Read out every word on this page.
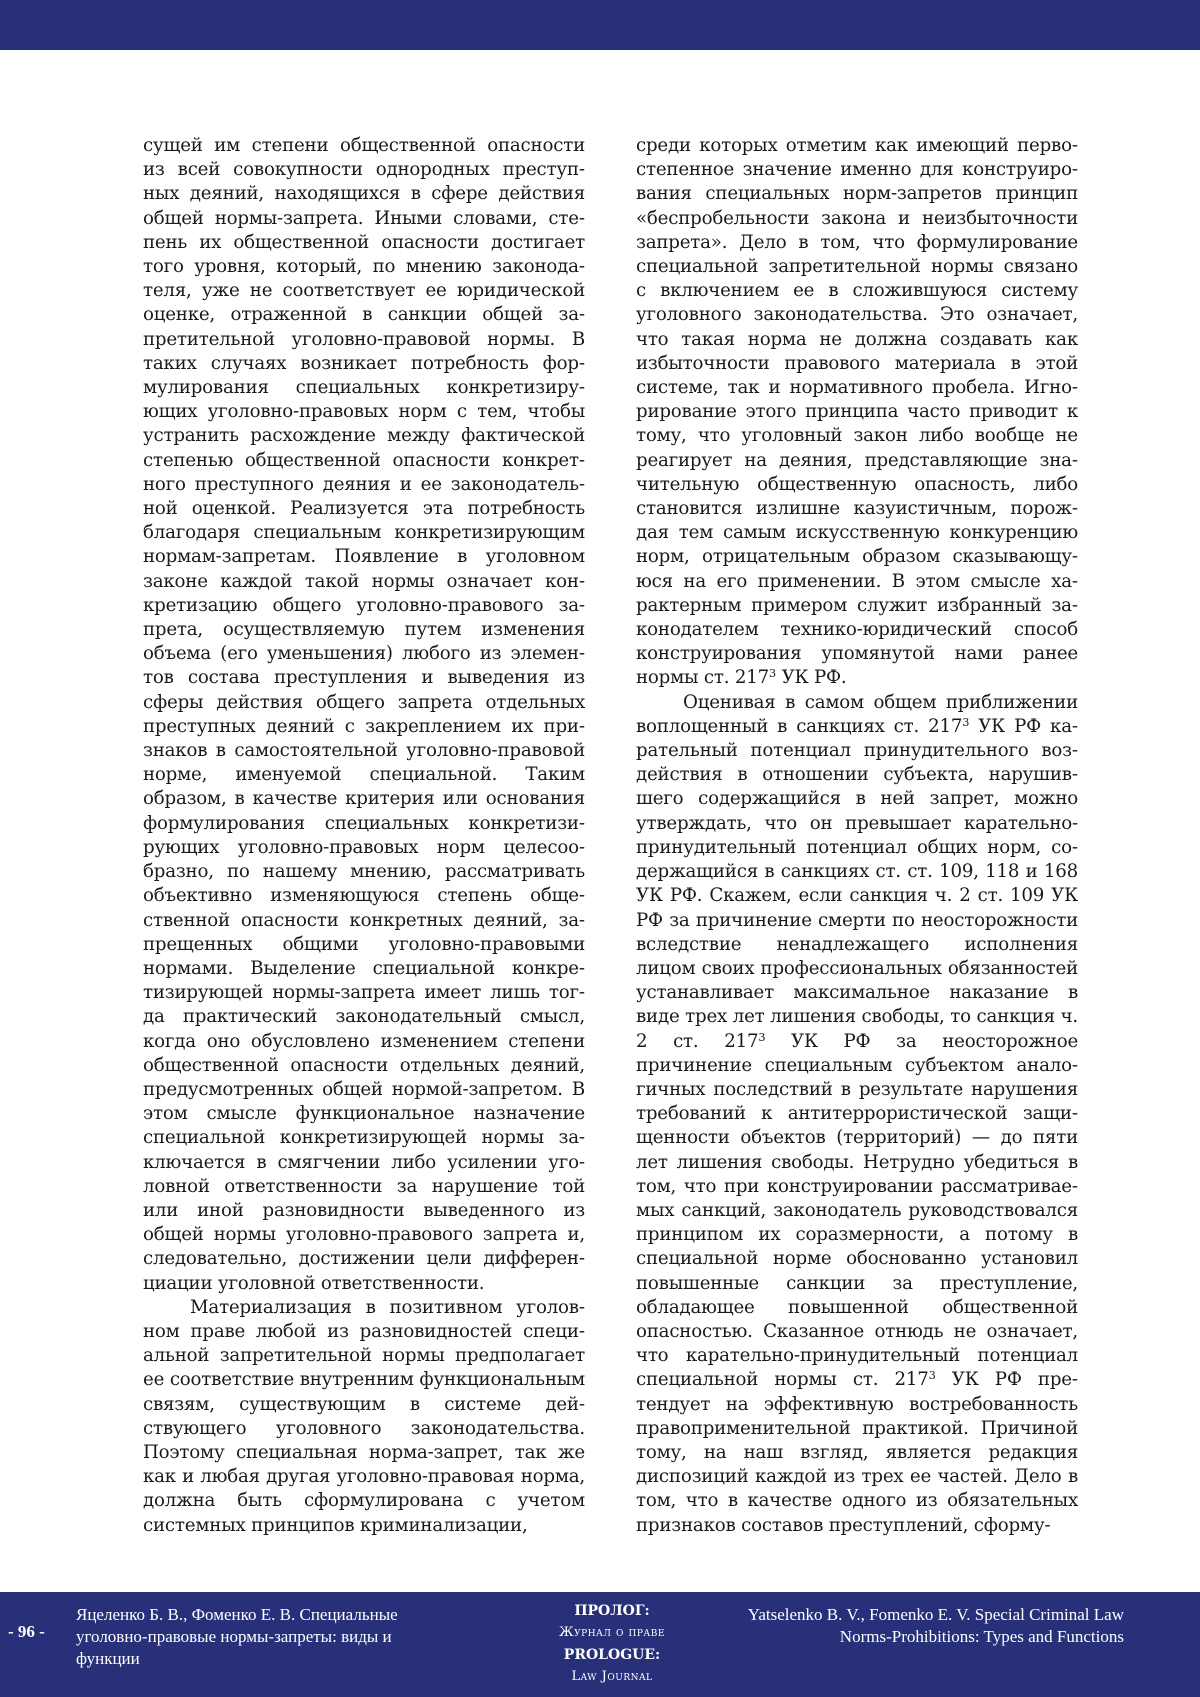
сущей им степени общественной опасности из всей совокупности однородных преступных деяний, находящихся в сфере действия общей нормы-запрета. Иными словами, степень их общественной опасности достигает того уровня, который, по мнению законодателя, уже не соответствует ее юридической оценке, отраженной в санкции общей запретительной уголовно-правовой нормы. В таких случаях возникает потребность формулирования специальных конкретизирующих уголовно-правовых норм с тем, чтобы устранить расхождение между фактической степенью общественной опасности конкретного преступного деяния и ее законодательной оценкой. Реализуется эта потребность благодаря специальным конкретизирующим нормам-запретам. Появление в уголовном законе каждой такой нормы означает конкретизацию общего уголовно-правового запрета, осуществляемую путем изменения объема (его уменьшения) любого из элементов состава преступления и выведения из сферы действия общего запрета отдельных преступных деяний с закреплением их признаков в самостоятельной уголовно-правовой норме, именуемой специальной. Таким образом, в качестве критерия или основания формулирования специальных конкретизирующих уголовно-правовых норм целесообразно, по нашему мнению, рассматривать объективно изменяющуюся степень общественной опасности конкретных деяний, запрещенных общими уголовно-правовыми нормами. Выделение специальной конкретизирующей нормы-запрета имеет лишь тогда практический законодательный смысл, когда оно обусловлено изменением степени общественной опасности отдельных деяний, предусмотренных общей нормой-запретом. В этом смысле функциональное назначение специальной конкретизирующей нормы заключается в смягчении либо усилении уголовной ответственности за нарушение той или иной разновидности выведенного из общей нормы уголовно-правового запрета и, следовательно, достижении цели дифференциации уголовной ответственности.

Материализация в позитивном уголовном праве любой из разновидностей специальной запретительной нормы предполагает ее соответствие внутренним функциональным связям, существующим в системе действующего уголовного законодательства. Поэтому специальная норма-запрет, так же как и любая другая уголовно-правовая норма, должна быть сформулирована с учетом системных принципов криминализации,

среди которых отметим как имеющий первостепенное значение именно для конструирования специальных норм-запретов принцип «беспробельности закона и неизбыточности запрета». Дело в том, что формулирование специальной запретительной нормы связано с включением ее в сложившуюся систему уголовного законодательства. Это означает, что такая норма не должна создавать как избыточности правового материала в этой системе, так и нормативного пробела. Игнорирование этого принципа часто приводит к тому, что уголовный закон либо вообще не реагирует на деяния, представляющие значительную общественную опасность, либо становится излишне казуистичным, порождая тем самым искусственную конкуренцию норм, отрицательным образом сказывающуюся на его применении. В этом смысле характерным примером служит избранный законодателем технико-юридический способ конструирования упомянутой нами ранее нормы ст. $217^3$ УК РФ.

Оценивая в самом общем приближении воплощенный в санкциях ст. $217^3$ УК РФ карательный потенциал принудительного воздействия в отношении субъекта, нарушившего содержащийся в ней запрет, можно утверждать, что он превышает карательно-принудительный потенциал общих норм, содержащийся в санкциях ст. ст. 109, 118 и 168 УК РФ. Скажем, если санкция ч. 2 ст. 109 УК РФ за причинение смерти по неосторожности вследствие ненадлежащего исполнения лицом своих профессиональных обязанностей устанавливает максимальное наказание в виде трех лет лишения свободы, то санкция ч. 2 ст. $217^3$ УК РФ за неосторожное причинение специальным субъектом аналогичных последствий в результате нарушения требований к антитеррористической защищенности объектов (территорий) — до пяти лет лишения свободы. Нетрудно убедиться в том, что при конструировании рассматриваемых санкций, законодатель руководствовался принципом их соразмерности, а потому в специальной норме обоснованно установил повышенные санкции за преступление, обладающее повышенной общественной опасностью. Сказанное отнюдь не означает, что карательно-принудительный потенциал специальной нормы ст. $217^3$ УК РФ претендует на эффективную востребованность правоприменительной практикой. Причиной тому, на наш взгляд, является редакция диспозиций каждой из трех ее частей. Дело в том, что в качестве одного из обязательных признаков составов преступлений, сформу-

- 96 -
Яцеленко Б. В., Фоменко Е. В. Специальные уголовно-правовые нормы-запреты: виды и функции
ПРОЛОГ:
Журнал о праве
PROLOGUE:
Law Journal
Yatselenko B. V., Fomenko E. V. Special Criminal Law Norms-Prohibitions: Types and Functions
